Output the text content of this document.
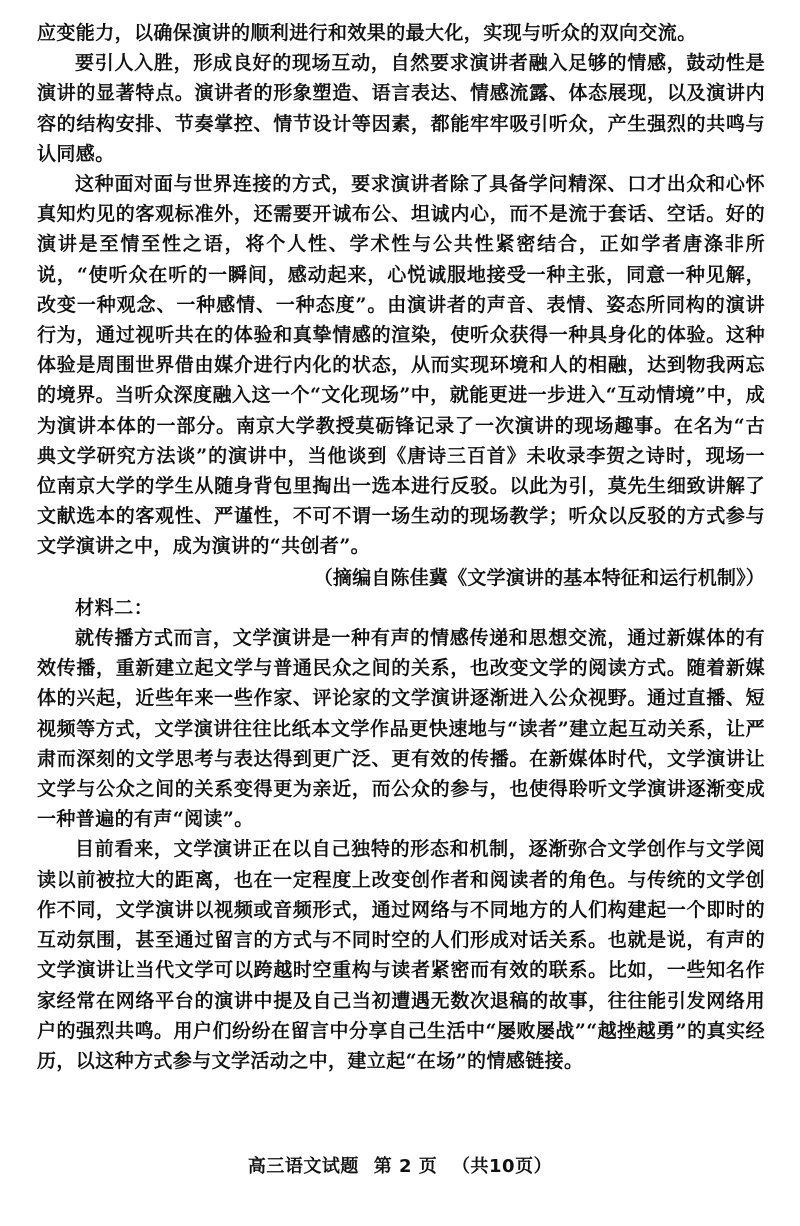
应变能力，以确保演讲的顺利进行和效果的最大化，实现与听众的双向交流。

要引人入胜，形成良好的现场互动，自然要求演讲者融入足够的情感，鼓动性是演讲的显著特点。演讲者的形象塑造、语言表达、情感流露、体态展现，以及演讲内容的结构安排、节奏掌控、情节设计等因素，都能牢牢吸引听众，产生强烈的共鸣与认同感。

这种面对面与世界连接的方式，要求演讲者除了具备学问精深、口才出众和心怀真知灼见的客观标准外，还需要开诚布公、坦诚内心，而不是流于套话、空话。好的演讲是至情至性之语，将个人性、学术性与公共性紧密结合，正如学者唐涤非所说，“使听众在听的一瞬间，感动起来，心悦诚服地接受一种主张，同意一种见解，改变一种观念、一种感情、一种态度”。由演讲者的声音、表情、姿态所同构的演讲行为，通过视听共在的体验和真挚情感的渲染，使听众获得一种具身化的体验。这种体验是周围世界借由媒介进行内化的状态，从而实现环境和人的相融，达到物我两忘的境界。当听众深度融入这一个“文化现场”中，就能更进一步进入“互动情境”中，成为演讲本体的一部分。南京大学教授莫砺锋记录了一次演讲的现场趣事。在名为“古典文学研究方法谈”的演讲中，当他谈到《唐诗三百首》未收录李贺之诗时，现场一位南京大学的学生从随身背包里掏出一选本进行反驳。以此为引，莫先生细致讲解了文献选本的客观性、严谨性，不可不谓一场生动的现场教学；听众以反驳的方式参与文学演讲之中，成为演讲的“共创者”。

（摘编自陈佳冀《文学演讲的基本特征和运行机制》）

材料二：

就传播方式而言，文学演讲是一种有声的情感传递和思想交流，通过新媒体的有效传播，重新建立起文学与普通民众之间的关系，也改变文学的阅读方式。随着新媒体的兴起，近些年来一些作家、评论家的文学演讲逐渐进入公众视野。通过直播、短视频等方式，文学演讲往往比纸本文学作品更快速地与“读者”建立起互动关系，让严肃而深刻的文学思考与表达得到更广泛、更有效的传播。在新媒体时代，文学演讲让文学与公众之间的关系变得更为亲近，而公众的参与，也使得聆听文学演讲逐渐变成一种普遍的有声“阅读”。

目前看来，文学演讲正在以自己独特的形态和机制，逐渐弥合文学创作与文学阅读以前被拉大的距离，也在一定程度上改变创作者和阅读者的角色。与传统的文学创作不同，文学演讲以视频或音频形式，通过网络与不同地方的人们构建起一个即时的互动氛围，甚至通过留言的方式与不同时空的人们形成对话关系。也就是说，有声的文学演讲让当代文学可以跨越时空重构与读者紧密而有效的联系。比如，一些知名作家经常在网络平台的演讲中提及自己当初遭遇无数次退稿的故事，往往能引发网络用户的强烈共鸣。用户们纷纷在留言中分享自己生活中“屡败屡战”“越挫越勇”的真实经历，以这种方式参与文学活动之中，建立起“在场”的情感链接。

高三语文试题 第 2 页 （共10页）
